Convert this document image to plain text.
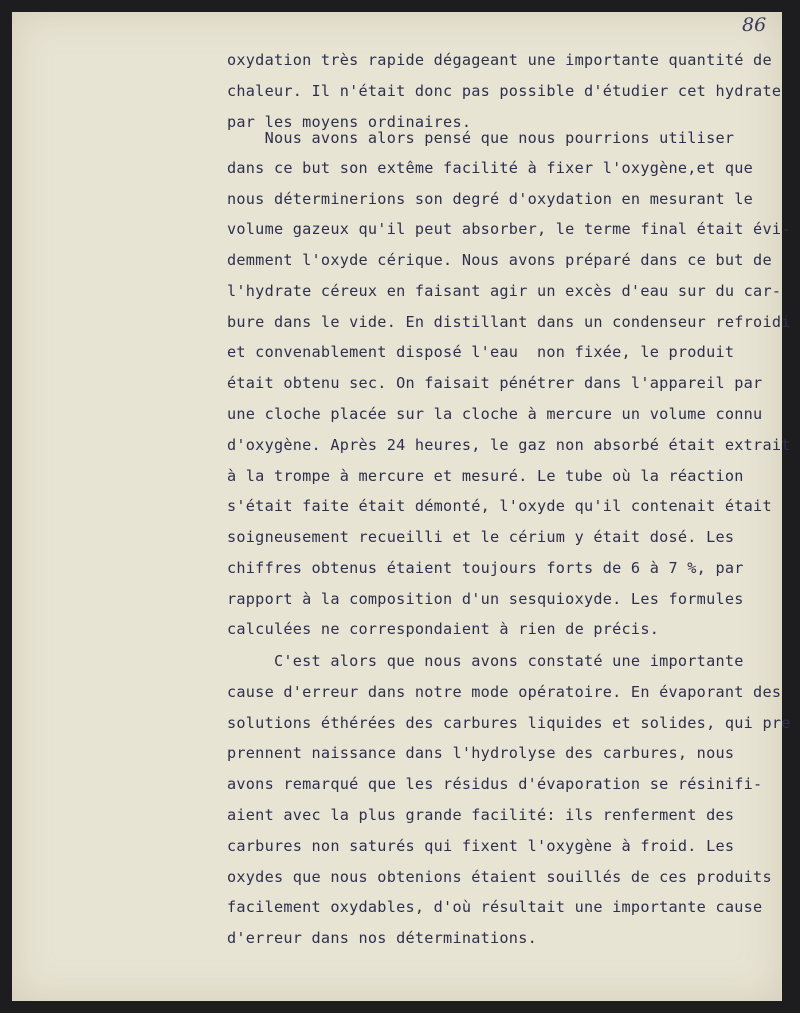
86
oxydation très rapide dégageant une importante quantité de
chaleur. Il n'était donc pas possible d'étudier cet hydrate
par les moyens ordinaires.
Nous avons alors pensé que nous pourrions utiliser
dans ce but son extême facilité à fixer l'oxygène,et que
nous déterminerions son degré d'oxydation en mesurant le
volume gazeux qu'il peut absorber, le terme final était évi-
demment l'oxyde cérique. Nous avons préparé dans ce but de
l'hydrate céreux en faisant agir un excès d'eau sur du car-
bure dans le vide. En distillant dans un condenseur refroidi
et convenablement disposé l'eau  non fixée, le produit
était obtenu sec. On faisait pénétrer dans l'appareil par
une cloche placée sur la cloche à mercure un volume connu
d'oxygène. Après 24 heures, le gaz non absorbé était extrait
à la trompe à mercure et mesuré. Le tube où la réaction
s'était faite était démonté, l'oxyde qu'il contenait était
soigneusement recueilli et le cérium y était dosé. Les
chiffres obtenus étaient toujours forts de 6 à 7 %, par
rapport à la composition d'un sesquioxyde. Les formules
calculées ne correspondaient à rien de précis.
C'est alors que nous avons constaté une importante
cause d'erreur dans notre mode opératoire. En évaporant des
solutions éthérées des carbures liquides et solides, qui pre
prennent naissance dans l'hydrolyse des carbures, nous
avons remarqué que les résidus d'évaporation se résinifi-
aient avec la plus grande facilité: ils renferment des
carbures non saturés qui fixent l'oxygène à froid. Les
oxydes que nous obtenions étaient souillés de ces produits
facilement oxydables, d'où résultait une importante cause
d'erreur dans nos déterminations.
